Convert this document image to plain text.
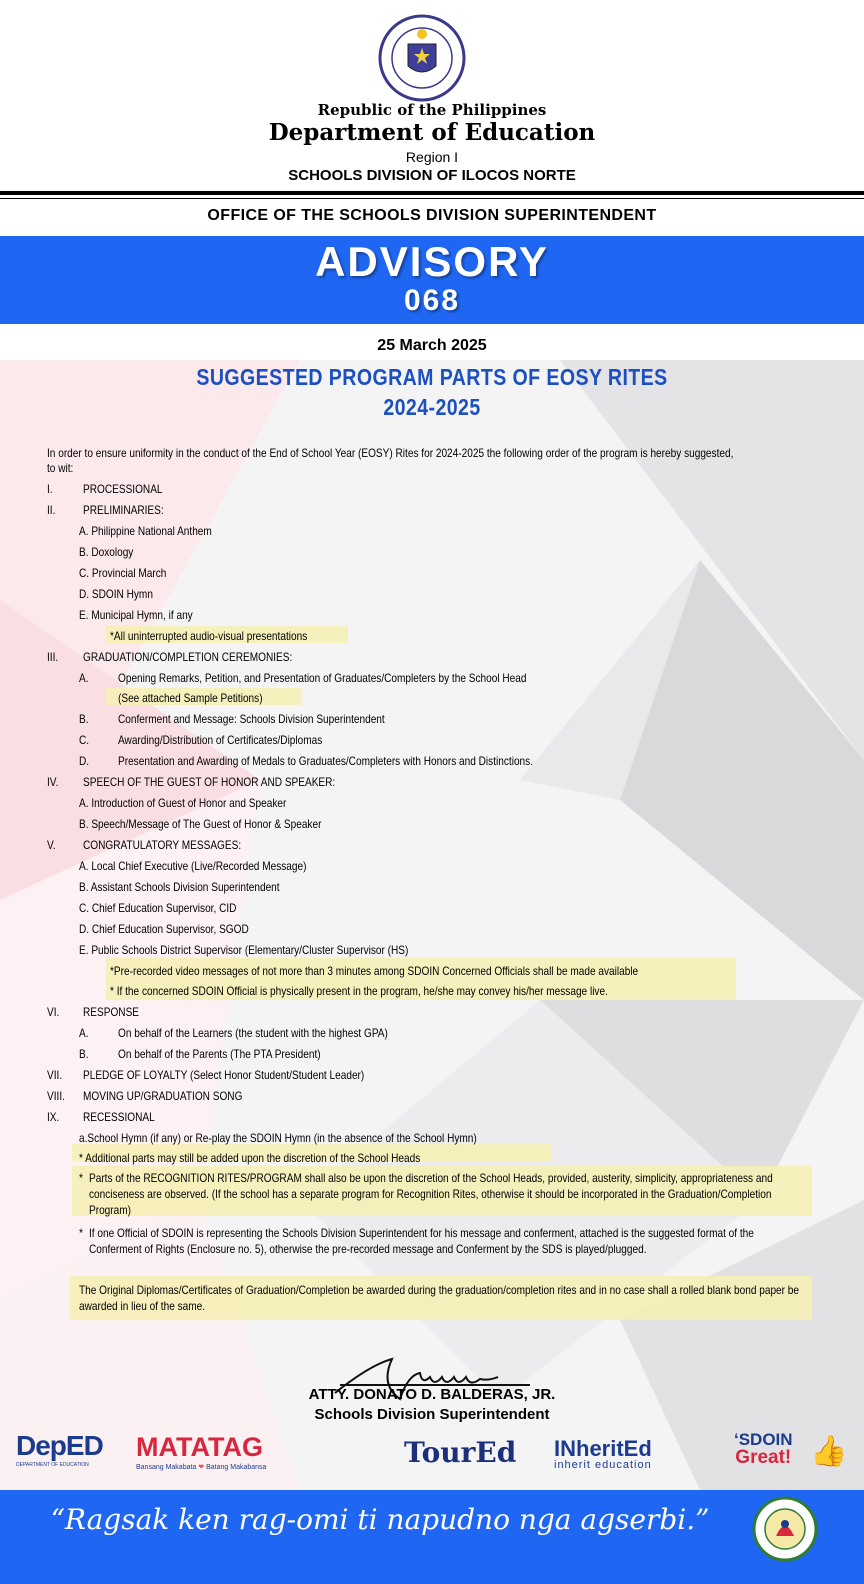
Republic of the Philippines
Department of Education
Region I
SCHOOLS DIVISION OF ILOCOS NORTE
OFFICE OF THE SCHOOLS DIVISION SUPERINTENDENT
ADVISORY
068
25 March 2025
SUGGESTED PROGRAM PARTS OF EOSY RITES
2024-2025
In order to ensure uniformity in the conduct of the End of School Year (EOSY) Rites for 2024-2025 the following order of the program is hereby suggested,
to wit:
I.	PROCESSIONAL
II. PRELIMINARIES:
A. Philippine National Anthem
B. Doxology
C. Provincial March
D. SDOIN Hymn
E. Municipal Hymn, if any
*All uninterrupted audio-visual presentations
III. GRADUATION/COMPLETION CEREMONIES:
A. Opening Remarks, Petition, and Presentation of Graduates/Completers by the School Head
(See attached Sample Petitions)
B. Conferment and Message: Schools Division Superintendent
C. Awarding/Distribution of Certificates/Diplomas
D. Presentation and Awarding of Medals to Graduates/Completers with Honors and Distinctions.
IV. SPEECH OF THE GUEST OF HONOR AND SPEAKER:
A. Introduction of Guest of Honor and Speaker
B. Speech/Message of The Guest of Honor & Speaker
V. CONGRATULATORY MESSAGES:
A. Local Chief Executive (Live/Recorded Message)
B. Assistant Schools Division Superintendent
C. Chief Education Supervisor, CID
D. Chief Education Supervisor, SGOD
E. Public Schools District Supervisor (Elementary/Cluster Supervisor (HS)
*Pre-recorded video messages of not more than 3 minutes among SDOIN Concerned Officials shall be made available
* If the concerned SDOIN Official is physically present in the program, he/she may convey his/her message live.
VI. RESPONSE
A. On behalf of the Learners (the student with the highest GPA)
B. On behalf of the Parents (The PTA President)
VII. PLEDGE OF LOYALTY (Select Honor Student/Student Leader)
VIII. MOVING UP/GRADUATION SONG
IX. RECESSIONAL
a.School Hymn (if any) or Re-play the SDOIN Hymn (in the absence of the School Hymn)
* Additional parts may still be added upon the discretion of the School Heads
* Parts of the RECOGNITION RITES/PROGRAM shall also be upon the discretion of the School Heads, provided, austerity, simplicity, appropriateness and conciseness are observed. (If the school has a separate program for Recognition Rites, otherwise it should be incorporated in the Graduation/Completion Program)
* If one Official of SDOIN is representing the Schools Division Superintendent for his message and conferment, attached is the suggested format of the Conferment of Rights (Enclosure no. 5), otherwise the pre-recorded message and Conferment by the SDS is played/plugged.
The Original Diplomas/Certificates of Graduation/Completion be awarded during the graduation/completion rites and in no case shall a rolled blank bond paper be awarded in lieu of the same.
ATTY. DONATO D. BALDERAS, JR.
Schools Division Superintendent
DepED
DEPARTMENT OF EDUCATION
MATATAG
Bansang Makabata ❤ Batang Makabansa	TourEd INheritEd
inherit education
‘SDOIN
Great! 👍
“Ragsak ken rag-omi ti napudno nga agserbi.”
